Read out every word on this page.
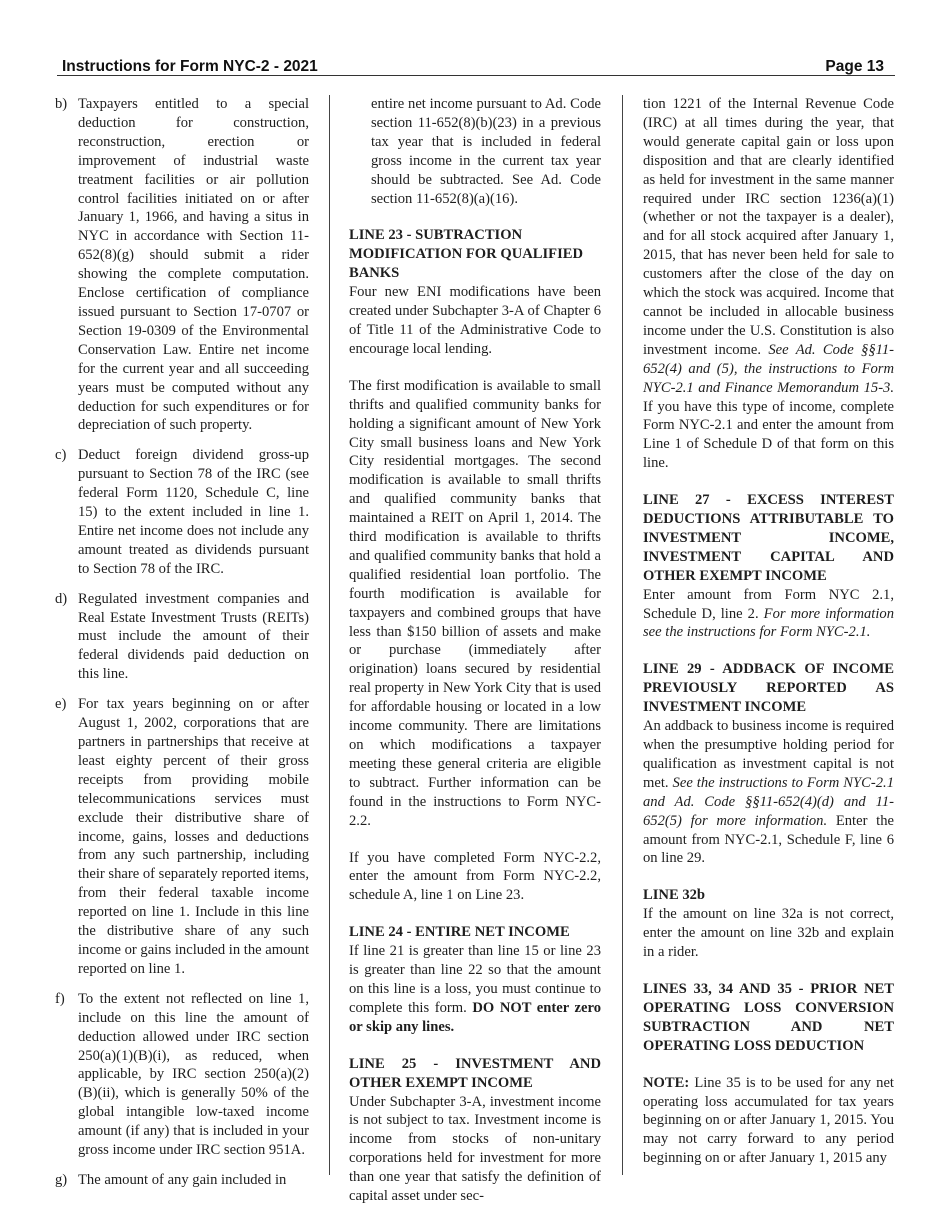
Instructions for Form NYC-2 - 2021	Page 13
b) Taxpayers entitled to a special deduction for construction, reconstruction, erection or improvement of industrial waste treatment facilities or air pollution control facilities initiated on or after January 1, 1966, and having a situs in NYC in accordance with Section 11-652(8)(g) should submit a rider showing the complete computation. Enclose certification of compliance issued pursuant to Section 17-0707 or Section 19-0309 of the Environmental Conservation Law. Entire net income for the current year and all succeeding years must be computed without any deduction for such expenditures or for depreciation of such property.
c) Deduct foreign dividend gross-up pursuant to Section 78 of the IRC (see federal Form 1120, Schedule C, line 15) to the extent included in line 1. Entire net income does not include any amount treated as dividends pursuant to Section 78 of the IRC.
d) Regulated investment companies and Real Estate Investment Trusts (REITs) must include the amount of their federal dividends paid deduction on this line.
e) For tax years beginning on or after August 1, 2002, corporations that are partners in partnerships that receive at least eighty percent of their gross receipts from providing mobile telecommunications services must exclude their distributive share of income, gains, losses and deductions from any such partnership, including their share of separately reported items, from their federal taxable income reported on line 1. Include in this line the distributive share of any such income or gains included in the amount reported on line 1.
f) To the extent not reflected on line 1, include on this line the amount of deduction allowed under IRC section 250(a)(1)(B)(i), as reduced, when applicable, by IRC section 250(a)(2)(B)(ii), which is generally 50% of the global intangible low-taxed income amount (if any) that is included in your gross income under IRC section 951A.
g) The amount of any gain included in

entire net income pursuant to Ad. Code section 11-652(8)(b)(23) in a previous tax year that is included in federal gross income in the current tax year should be subtracted. See Ad. Code section 11-652(8)(a)(16).

LINE 23 - SUBTRACTION MODIFICATION FOR QUALIFIED BANKS

Four new ENI modifications have been created under Subchapter 3-A of Chapter 6 of Title 11 of the Administrative Code to encourage local lending.

The first modification is available to small thrifts and qualified community banks for holding a significant amount of New York City small business loans and New York City residential mortgages. The second modification is available to small thrifts and qualified community banks that maintained a REIT on April 1, 2014. The third modification is available to thrifts and qualified community banks that hold a qualified residential loan portfolio. The fourth modification is available for taxpayers and combined groups that have less than $150 billion of assets and make or purchase (immediately after origination) loans secured by residential real property in New York City that is used for affordable housing or located in a low income community. There are limitations on which modifications a taxpayer meeting these general criteria are eligible to subtract. Further information can be found in the instructions to Form NYC-2.2.

If you have completed Form NYC-2.2, enter the amount from Form NYC-2.2, schedule A, line 1 on Line 23.

LINE 24 - ENTIRE NET INCOME

If line 21 is greater than line 15 or line 23 is greater than line 22 so that the amount on this line is a loss, you must continue to complete this form. DO NOT enter zero or skip any lines.

LINE 25 - INVESTMENT AND OTHER EXEMPT INCOME

Under Subchapter 3-A, investment income is not subject to tax. Investment income is income from stocks of non-unitary corporations held for investment for more than one year that satisfy the definition of capital asset under sec-

tion 1221 of the Internal Revenue Code (IRC) at all times during the year, that would generate capital gain or loss upon disposition and that are clearly identified as held for investment in the same manner required under IRC section 1236(a)(1) (whether or not the taxpayer is a dealer), and for all stock acquired after January 1, 2015, that has never been held for sale to customers after the close of the day on which the stock was acquired. Income that cannot be included in allocable business income under the U.S. Constitution is also investment income. See Ad. Code §§11-652(4) and (5), the instructions to Form NYC-2.1 and Finance Memorandum 15-3. If you have this type of income, complete Form NYC-2.1 and enter the amount from Line 1 of Schedule D of that form on this line.

LINE 27 - EXCESS INTEREST DEDUCTIONS ATTRIBUTABLE TO INVESTMENT INCOME, INVESTMENT CAPITAL AND OTHER EXEMPT INCOME

Enter amount from Form NYC 2.1, Schedule D, line 2. For more information see the instructions for Form NYC-2.1.

LINE 29 - ADDBACK OF INCOME PREVIOUSLY REPORTED AS INVESTMENT INCOME

An addback to business income is required when the presumptive holding period for qualification as investment capital is not met. See the instructions to Form NYC-2.1 and Ad. Code §§11-652(4)(d) and 11-652(5) for more information. Enter the amount from NYC-2.1, Schedule F, line 6 on line 29.

LINE 32b

If the amount on line 32a is not correct, enter the amount on line 32b and explain in a rider.

LINES 33, 34 AND 35 - PRIOR NET OPERATING LOSS CONVERSION SUBTRACTION AND NET OPERATING LOSS DEDUCTION

NOTE: Line 35 is to be used for any net operating loss accumulated for tax years beginning on or after January 1, 2015. You may not carry forward to any period beginning on or after January 1, 2015 any
